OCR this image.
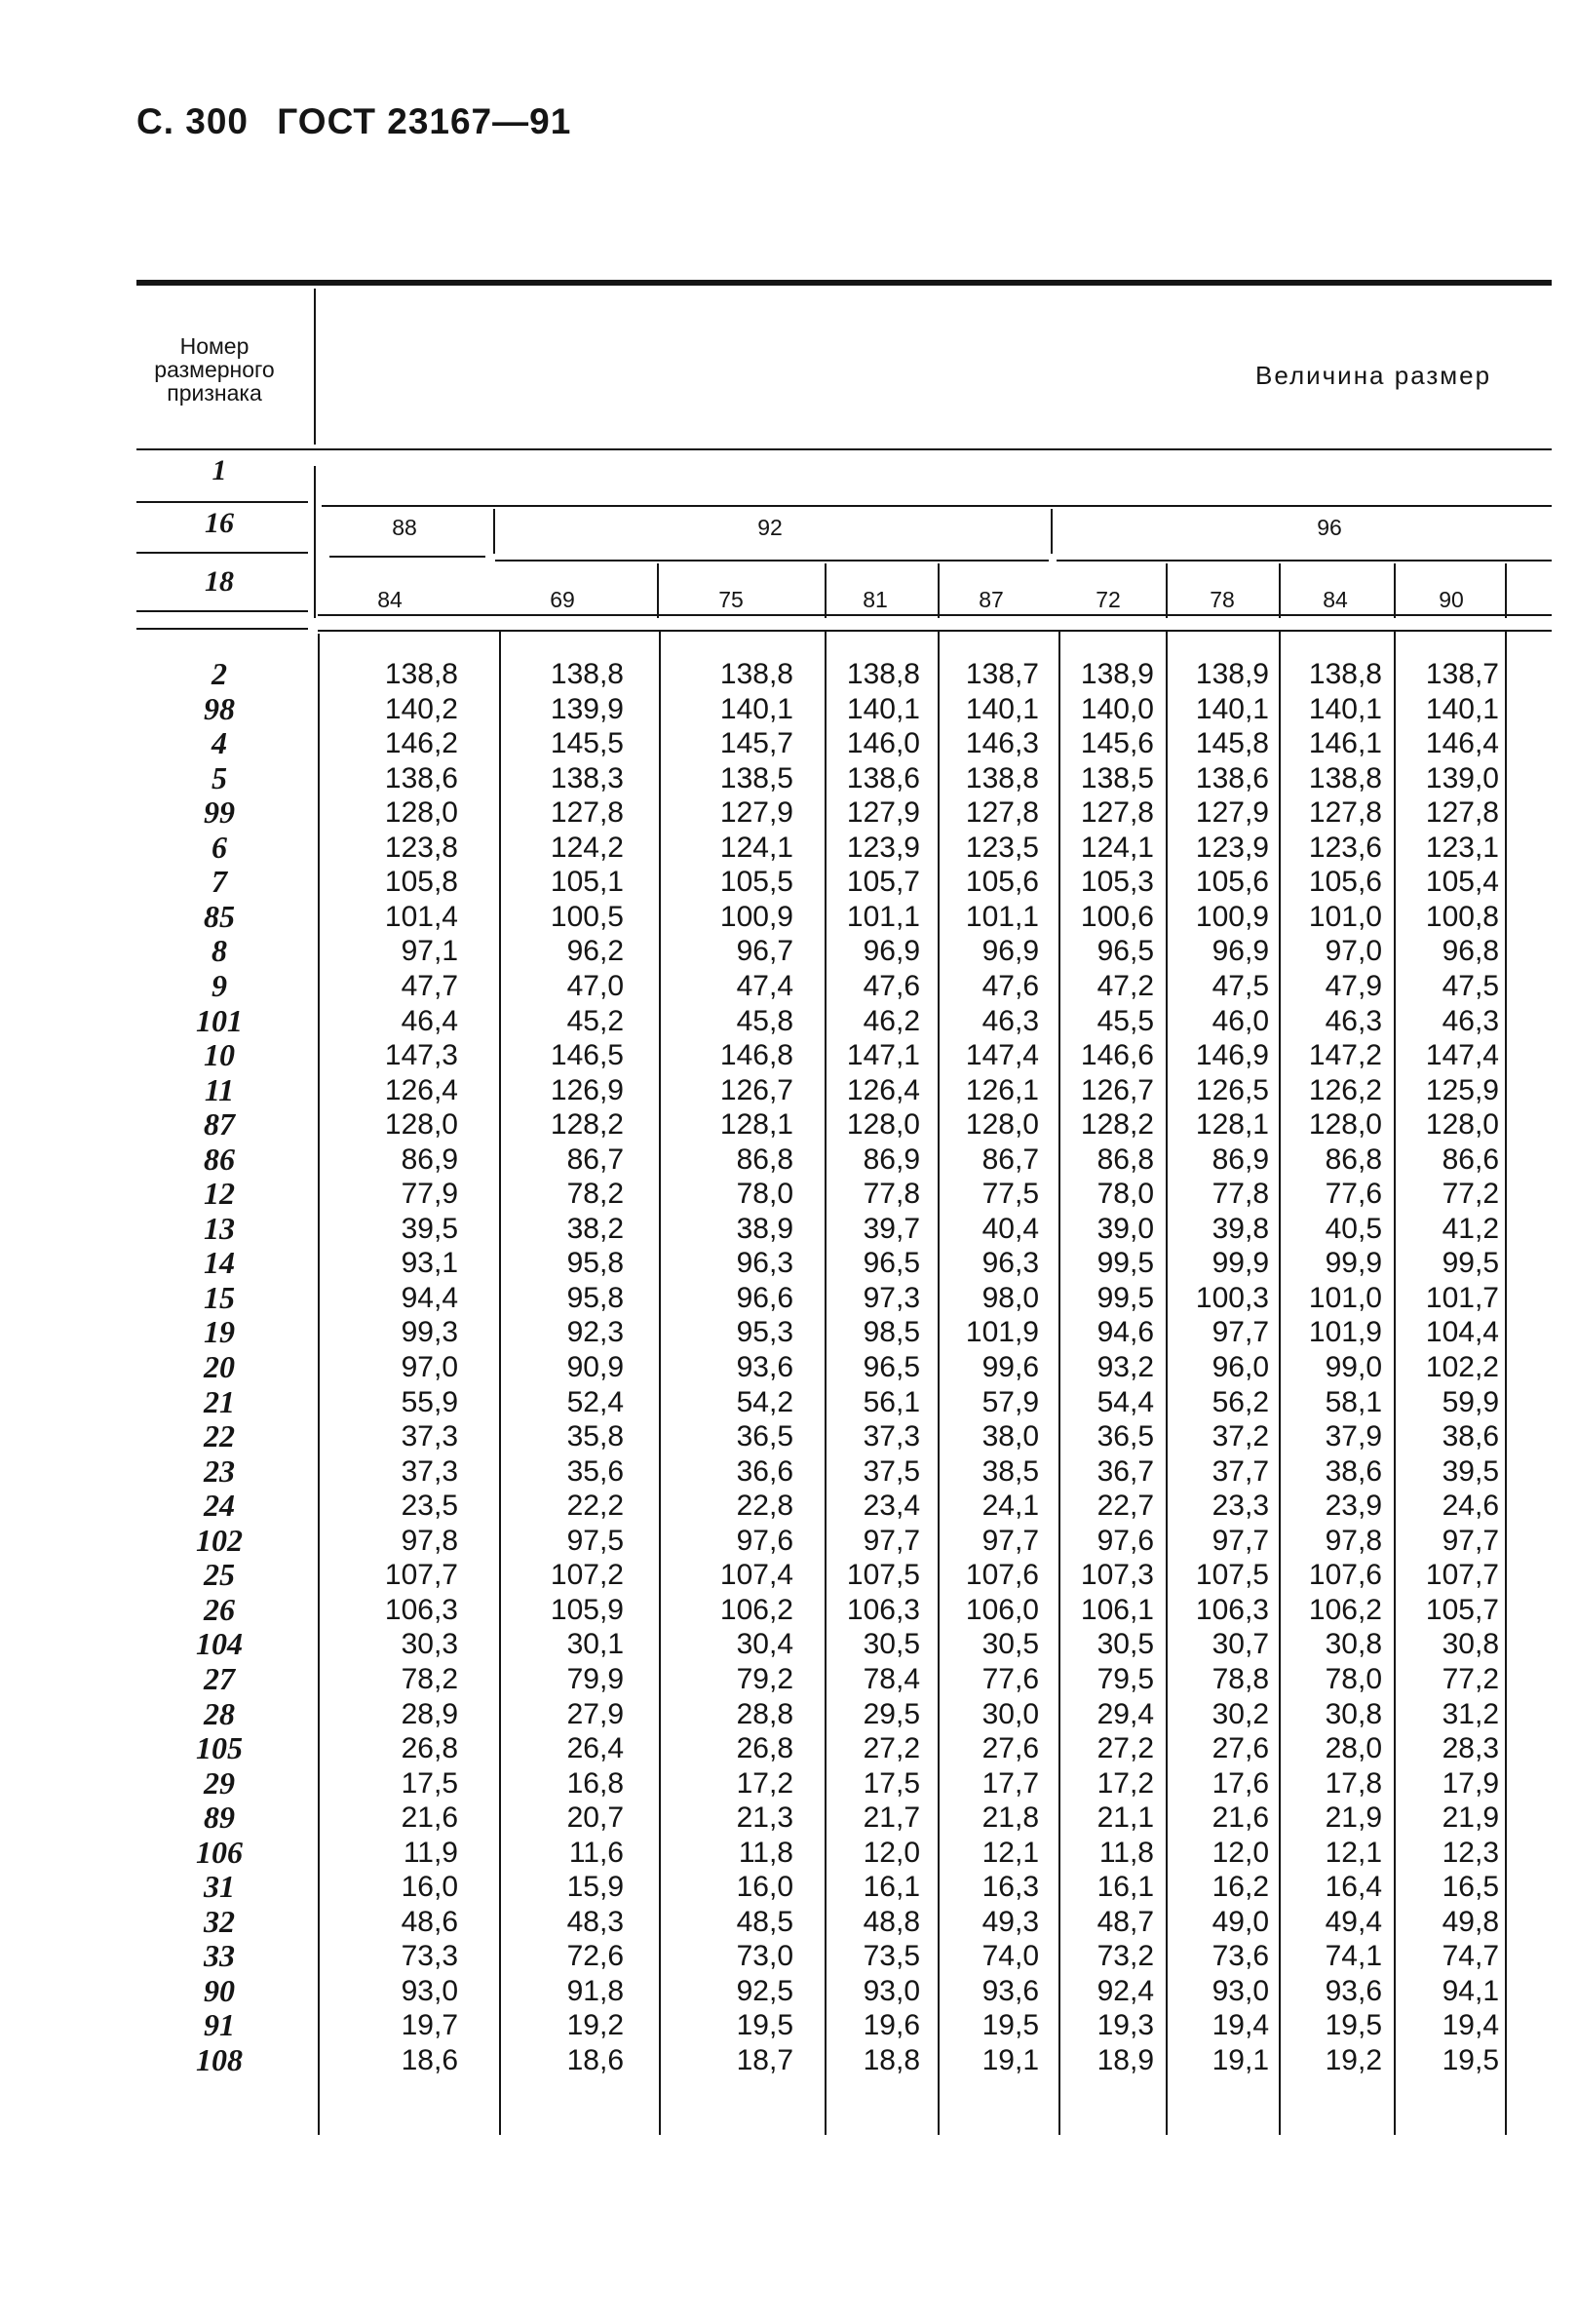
С. 300 ГОСТ 23167—91
Номер
размерного
признака
Величина размер
1
16
18
88	92	96
84	69	75	81	87	72	78	84	90
2	138,8	138,8	138,8	138,8	138,7	138,9	138,9	138,8	138,7
98	140,2	139,9	140,1	140,1	140,1	140,0	140,1	140,1	140,1
4	146,2	145,5	145,7	146,0	146,3	145,6	145,8	146,1	146,4
5	138,6	138,3	138,5	138,6	138,8	138,5	138,6	138,8	139,0
99	128,0	127,8	127,9	127,9	127,8	127,8	127,9	127,8	127,8
6	123,8	124,2	124,1	123,9	123,5	124,1	123,9	123,6	123,1
7	105,8	105,1	105,5	105,7	105,6	105,3	105,6	105,6	105,4
85	101,4	100,5	100,9	101,1	101,1	100,6	100,9	101,0	100,8
8	97,1	96,2	96,7	96,9	96,9	96,5	96,9	97,0	96,8
9	47,7	47,0	47,4	47,6	47,6	47,2	47,5	47,9	47,5
101	46,4	45,2	45,8	46,2	46,3	45,5	46,0	46,3	46,3
10	147,3	146,5	146,8	147,1	147,4	146,6	146,9	147,2	147,4
11	126,4	126,9	126,7	126,4	126,1	126,7	126,5	126,2	125,9
87	128,0	128,2	128,1	128,0	128,0	128,2	128,1	128,0	128,0
86	86,9	86,7	86,8	86,9	86,7	86,8	86,9	86,8	86,6
12	77,9	78,2	78,0	77,8	77,5	78,0	77,8	77,6	77,2
13	39,5	38,2	38,9	39,7	40,4	39,0	39,8	40,5	41,2
14	93,1	95,8	96,3	96,5	96,3	99,5	99,9	99,9	99,5
15	94,4	95,8	96,6	97,3	98,0	99,5	100,3	101,0	101,7
19	99,3	92,3	95,3	98,5	101,9	94,6	97,7	101,9	104,4
20	97,0	90,9	93,6	96,5	99,6	93,2	96,0	99,0	102,2
21	55,9	52,4	54,2	56,1	57,9	54,4	56,2	58,1	59,9
22	37,3	35,8	36,5	37,3	38,0	36,5	37,2	37,9	38,6
23	37,3	35,6	36,6	37,5	38,5	36,7	37,7	38,6	39,5
24	23,5	22,2	22,8	23,4	24,1	22,7	23,3	23,9	24,6
102	97,8	97,5	97,6	97,7	97,7	97,6	97,7	97,8	97,7
25	107,7	107,2	107,4	107,5	107,6	107,3	107,5	107,6	107,7
26	106,3	105,9	106,2	106,3	106,0	106,1	106,3	106,2	105,7
104	30,3	30,1	30,4	30,5	30,5	30,5	30,7	30,8	30,8
27	78,2	79,9	79,2	78,4	77,6	79,5	78,8	78,0	77,2
28	28,9	27,9	28,8	29,5	30,0	29,4	30,2	30,8	31,2
105	26,8	26,4	26,8	27,2	27,6	27,2	27,6	28,0	28,3
29	17,5	16,8	17,2	17,5	17,7	17,2	17,6	17,8	17,9
89	21,6	20,7	21,3	21,7	21,8	21,1	21,6	21,9	21,9
106	11,9	11,6	11,8	12,0	12,1	11,8	12,0	12,1	12,3
31	16,0	15,9	16,0	16,1	16,3	16,1	16,2	16,4	16,5
32	48,6	48,3	48,5	48,8	49,3	48,7	49,0	49,4	49,8
33	73,3	72,6	73,0	73,5	74,0	73,2	73,6	74,1	74,7
90	93,0	91,8	92,5	93,0	93,6	92,4	93,0	93,6	94,1
91	19,7	19,2	19,5	19,6	19,5	19,3	19,4	19,5	19,4
108	18,6	18,6	18,7	18,8	19,1	18,9	19,1	19,2	19,5
